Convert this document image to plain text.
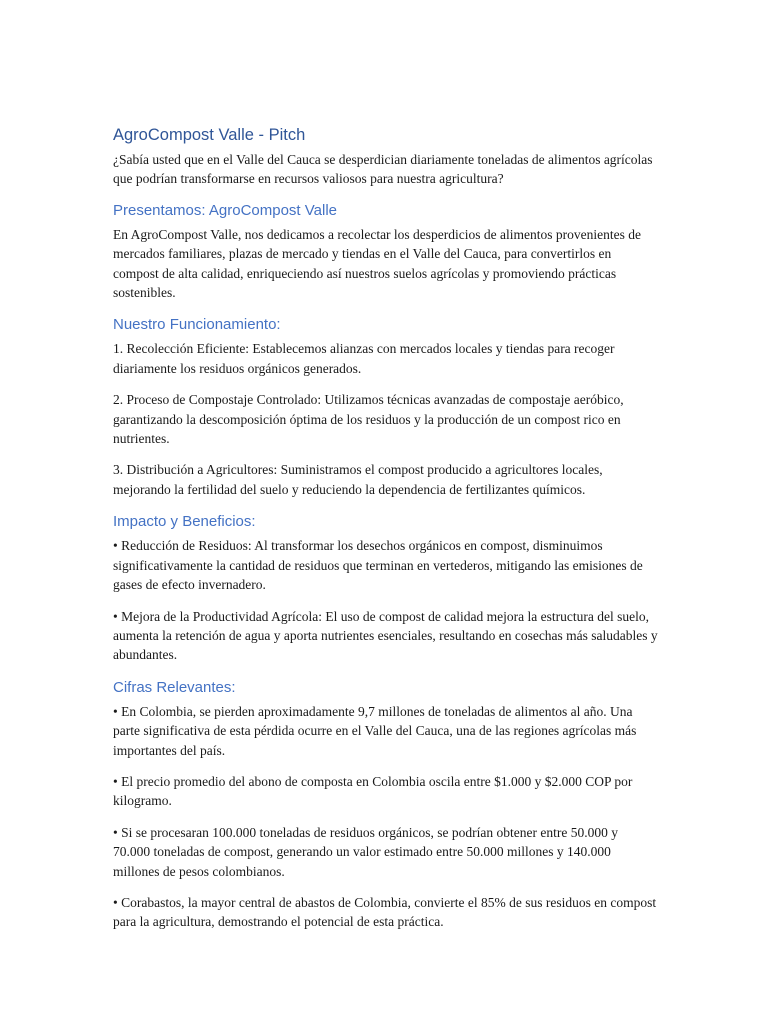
AgroCompost Valle - Pitch

¿Sabía usted que en el Valle del Cauca se desperdician diariamente toneladas de alimentos agrícolas que podrían transformarse en recursos valiosos para nuestra agricultura?

Presentamos: AgroCompost Valle

En AgroCompost Valle, nos dedicamos a recolectar los desperdicios de alimentos provenientes de mercados familiares, plazas de mercado y tiendas en el Valle del Cauca, para convertirlos en compost de alta calidad, enriqueciendo así nuestros suelos agrícolas y promoviendo prácticas sostenibles.

Nuestro Funcionamiento:

1. Recolección Eficiente: Establecemos alianzas con mercados locales y tiendas para recoger diariamente los residuos orgánicos generados.

2. Proceso de Compostaje Controlado: Utilizamos técnicas avanzadas de compostaje aeróbico, garantizando la descomposición óptima de los residuos y la producción de un compost rico en nutrientes.

3. Distribución a Agricultores: Suministramos el compost producido a agricultores locales, mejorando la fertilidad del suelo y reduciendo la dependencia de fertilizantes químicos.

Impacto y Beneficios:

• Reducción de Residuos: Al transformar los desechos orgánicos en compost, disminuimos significativamente la cantidad de residuos que terminan en vertederos, mitigando las emisiones de gases de efecto invernadero.

• Mejora de la Productividad Agrícola: El uso de compost de calidad mejora la estructura del suelo, aumenta la retención de agua y aporta nutrientes esenciales, resultando en cosechas más saludables y abundantes.

Cifras Relevantes:

• En Colombia, se pierden aproximadamente 9,7 millones de toneladas de alimentos al año. Una parte significativa de esta pérdida ocurre en el Valle del Cauca, una de las regiones agrícolas más importantes del país.

• El precio promedio del abono de composta en Colombia oscila entre $1.000 y $2.000 COP por kilogramo.

• Si se procesaran 100.000 toneladas de residuos orgánicos, se podrían obtener entre 50.000 y 70.000 toneladas de compost, generando un valor estimado entre 50.000 millones y 140.000 millones de pesos colombianos.

• Corabastos, la mayor central de abastos de Colombia, convierte el 85% de sus residuos en compost para la agricultura, demostrando el potencial de esta práctica.
